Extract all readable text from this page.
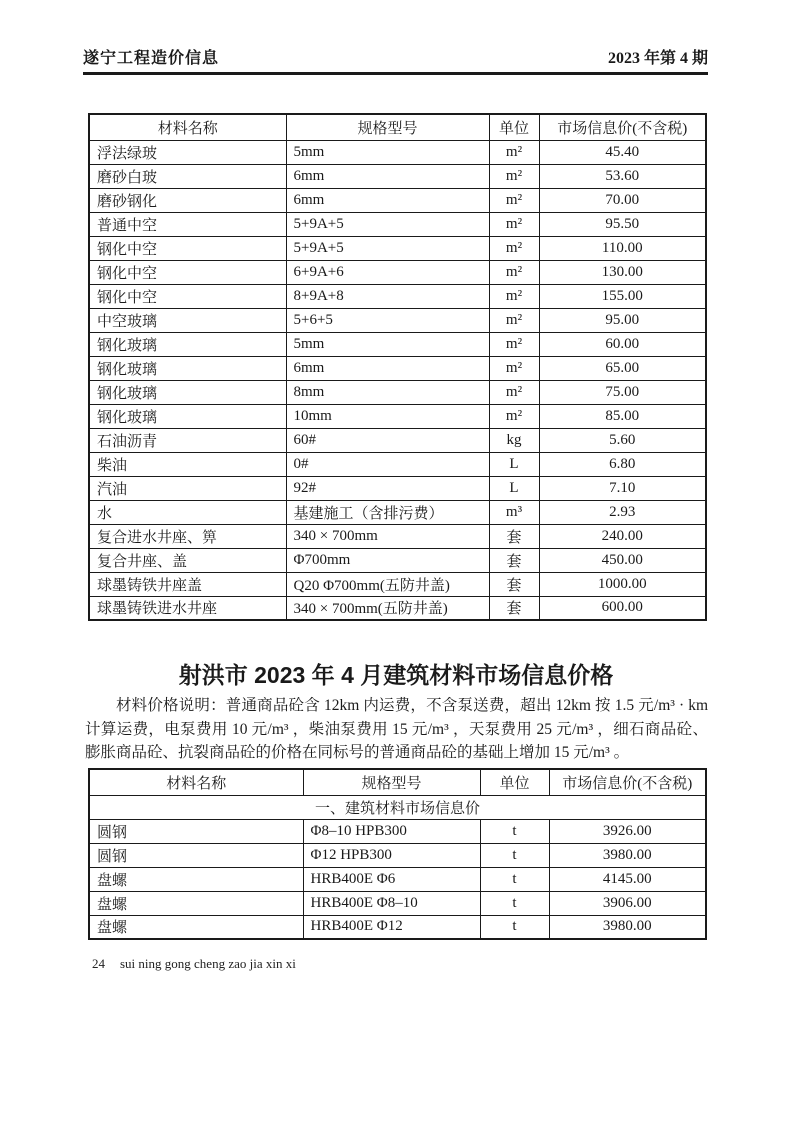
遂宁工程造价信息	2023 年第 4 期
材料名称	规格型号	单位	市场信息价(不含税)
浮法绿玻	5mm	m²	45.40
磨砂白玻	6mm	m²	53.60
磨砂钢化	6mm	m²	70.00
普通中空	5+9A+5	m²	95.50
钢化中空	5+9A+5	m²	110.00
钢化中空	6+9A+6	m²	130.00
钢化中空	8+9A+8	m²	155.00
中空玻璃	5+6+5	m²	95.00
钢化玻璃	5mm	m²	60.00
钢化玻璃	6mm	m²	65.00
钢化玻璃	8mm	m²	75.00
钢化玻璃	10mm	m²	85.00
石油沥青	60#	kg	5.60
柴油	0#	L	6.80
汽油	92#	L	7.10
水	基建施工（含排污费）	m³	2.93
复合进水井座、箅	340 × 700mm	套	240.00
复合井座、盖	Φ700mm	套	450.00
球墨铸铁井座盖	Q20 Φ700mm(五防井盖)	套	1000.00
球墨铸铁进水井座	340 × 700mm(五防井盖)	套	600.00
射洪市 2023 年 4 月建筑材料市场信息价格
材料价格说明：普通商品砼含 12km 内运费，不含泵送费，超出 12km 按 1.5 元/m³ · km 计算运费，电泵费用 10 元/m³ ，柴油泵费用 15 元/m³ ，天泵费用 25 元/m³ ，细石商品砼、膨胀商品砼、抗裂商品砼的价格在同标号的普通商品砼的基础上增加 15 元/m³ 。
材料名称	规格型号	单位	市场信息价(不含税)
一、建筑材料市场信息价			
圆钢	Φ8–10 HPB300	t	3926.00
圆钢	Φ12 HPB300	t	3980.00
盘螺	HRB400E Φ6	t	4145.00
盘螺	HRB400E Φ8–10	t	3906.00
盘螺	HRB400E Φ12	t	3980.00
24 sui ning gong cheng zao jia xin xi
